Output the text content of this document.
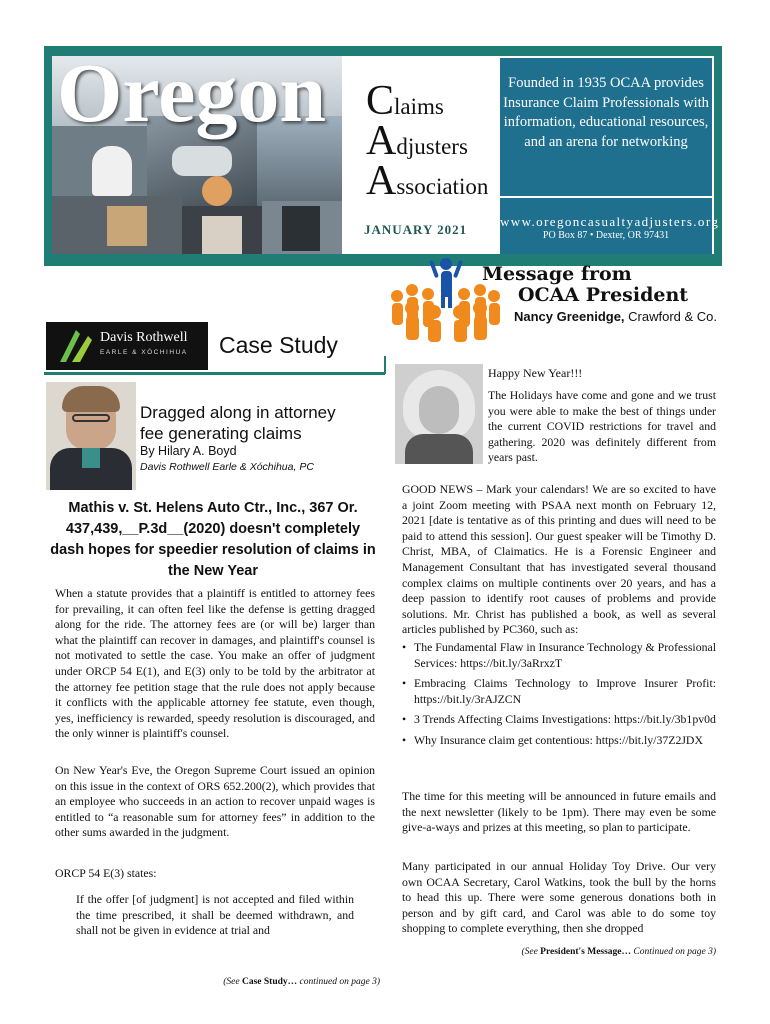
Oregon Claims
Adjusters
Association
JANUARY 2021
Founded in 1935 OCAA provides Insurance Claim Professionals with information, educational resources, and an arena for networking
www.oregoncasualtyadjusters.org
PO Box 87 • Dexter, OR 97431
Message from
OCAA President
Nancy Greenidge, Crawford & Co.
Davis Rothwell
EARLE & XÓCHIHUA Case Study
Dragged along in attorney fee generating claims
By Hilary A. Boyd
Davis Rothwell Earle & Xóchihua, PC
Mathis v. St. Helens Auto Ctr., Inc., 367 Or. 437,439,__P.3d__(2020) doesn't completely dash hopes for speedier resolution of claims in the New Year
When a statute provides that a plaintiff is entitled to attorney fees for prevailing, it can often feel like the defense is getting dragged along for the ride. The attorney fees are (or will be) larger than what the plaintiff can recover in damages, and plaintiff's counsel is not motivated to settle the case. You make an offer of judgment under ORCP 54 E(1), and E(3) only to be told by the arbitrator at the attorney fee petition stage that the rule does not apply because it conflicts with the applicable attorney fee statute, even though, yes, inefficiency is rewarded, speedy resolution is discouraged, and the only winner is plaintiff's counsel.
On New Year's Eve, the Oregon Supreme Court issued an opinion on this issue in the context of ORS 652.200(2), which provides that an employee who succeeds in an action to recover unpaid wages is entitled to “a reasonable sum for attorney fees” in addition to the other sums awarded in the judgment.
ORCP 54 E(3) states:
If the offer [of judgment] is not accepted and filed within the time prescribed, it shall be deemed withdrawn, and shall not be given in evidence at trial and
(See Case Study… continued on page 3)
Happy New Year!!!
The Holidays have come and gone and we trust you were able to make the best of things under the current COVID restrictions for travel and gathering. 2020 was definitely different from years past.
GOOD NEWS – Mark your calendars! We are so excited to have a joint Zoom meeting with PSAA next month on February 12, 2021 [date is tentative as of this printing and dues will need to be paid to attend this session]. Our guest speaker will be Timothy D. Christ, MBA, of Claimatics. He is a Forensic Engineer and Management Consultant that has investigated several thousand complex claims on multiple continents over 20 years, and has a deep passion to identify root causes of problems and provide solutions. Mr. Christ has published a book, as well as several articles published by PC360, such as:
• The Fundamental Flaw in Insurance Technology & Professional Services: https://bit.ly/3aRrxzT
• Embracing Claims Technology to Improve Insurer Profit: https://bit.ly/3rAJZCN
• 3 Trends Affecting Claims Investigations: https://bit.ly/3b1pv0d
• Why Insurance claim get contentious: https://bit.ly/37Z2JDX
The time for this meeting will be announced in future emails and the next newsletter (likely to be 1pm). There may even be some give-a-ways and prizes at this meeting, so plan to participate.
Many participated in our annual Holiday Toy Drive. Our very own OCAA Secretary, Carol Watkins, took the bull by the horns to head this up. There were some generous donations both in person and by gift card, and Carol was able to do some toy shopping to complete everything, then she dropped
(See President's Message… Continued on page 3)
